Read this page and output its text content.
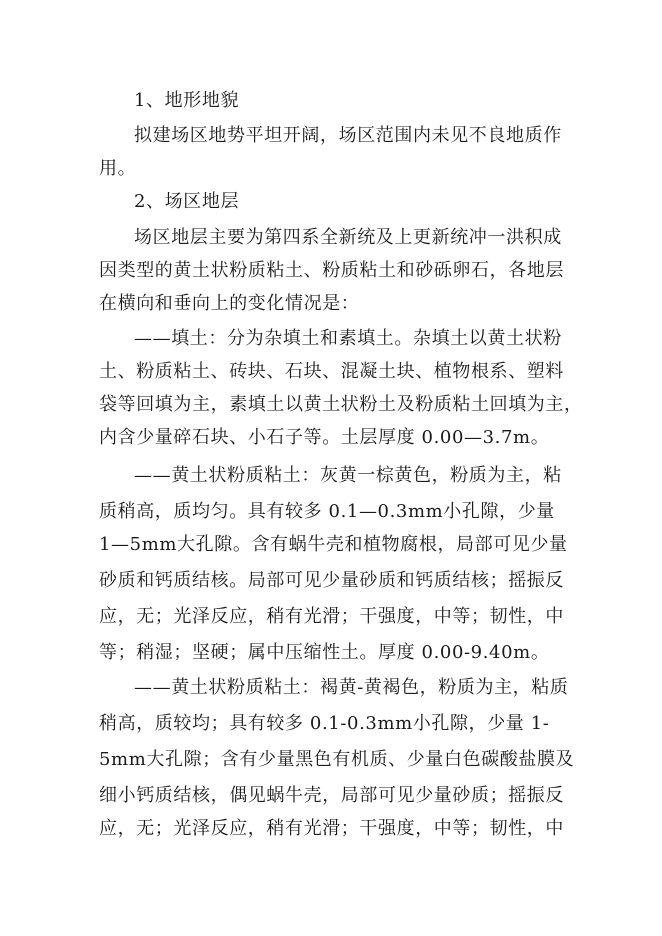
1、地形地貌
拟建场区地势平坦开阔，场区范围内未见不良地质作
用。
2、场区地层
场区地层主要为第四系全新统及上更新统冲一洪积成
因类型的黄土状粉质粘土、粉质粘土和砂砾卵石，各地层
在横向和垂向上的变化情况是：
——填土：分为杂填土和素填土。杂填土以黄土状粉
土、粉质粘土、砖块、石块、混凝土块、植物根系、塑料
袋等回填为主，素填土以黄土状粉土及粉质粘土回填为主，
内含少量碎石块、小石子等。土层厚度 0.00—3.7m。
——黄土状粉质粘土：灰黄一棕黄色，粉质为主，粘
质稍高，质均匀。具有较多 0.1—0.3mm小孔隙，少量
1—5mm大孔隙。含有蜗牛壳和植物腐根，局部可见少量
砂质和钙质结核。局部可见少量砂质和钙质结核；摇振反
应，无；光泽反应，稍有光滑；干强度，中等；韧性，中
等；稍湿；坚硬；属中压缩性土。厚度 0.00-9.40m。
——黄土状粉质粘土：褐黄-黄褐色，粉质为主，粘质
稍高，质较均；具有较多 0.1-0.3mm小孔隙，少量 1-
5mm大孔隙；含有少量黑色有机质、少量白色碳酸盐膜及
细小钙质结核，偶见蜗牛壳，局部可见少量砂质；摇振反
应，无；光泽反应，稍有光滑；干强度，中等；韧性，中
